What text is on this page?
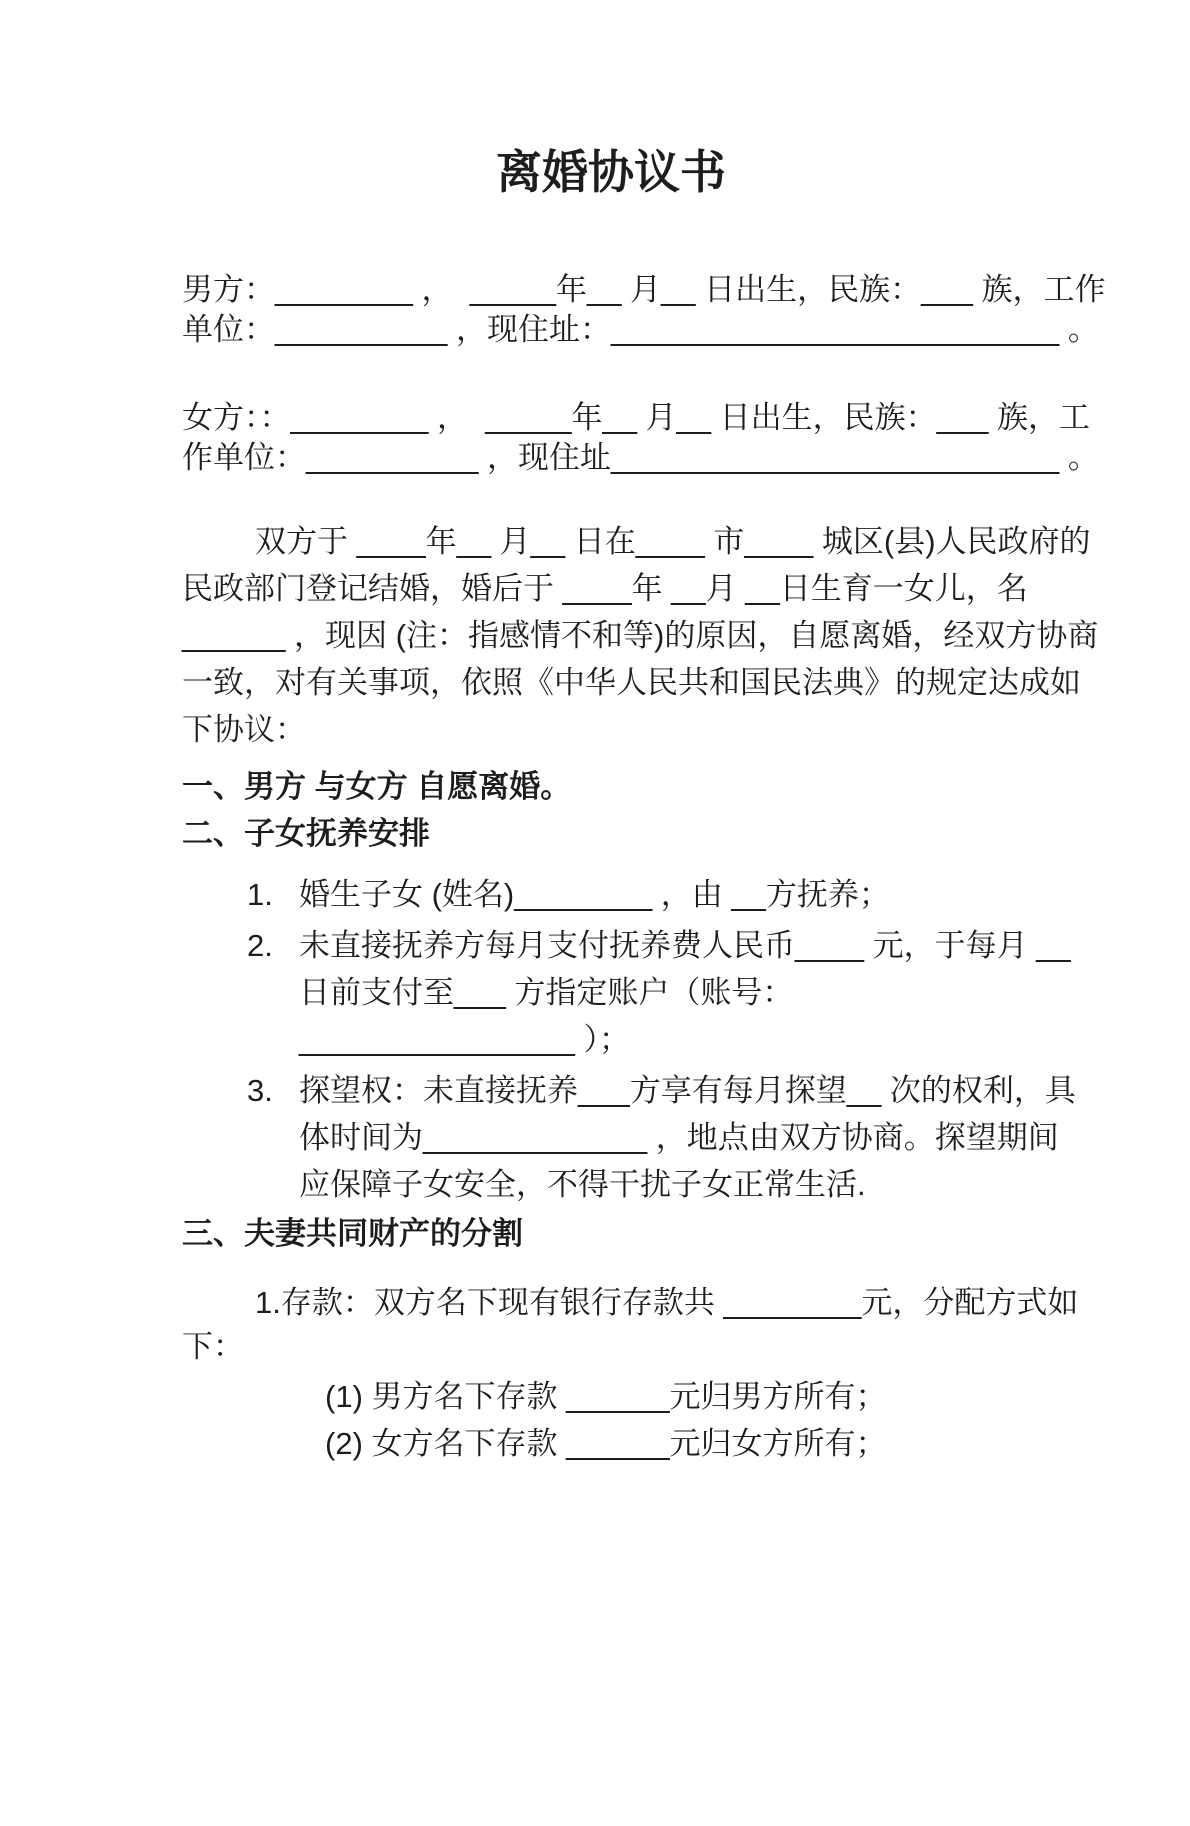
离婚协议书
男方：________ ，  _____年__ 月__ 日出生，民族：___ 族，工作
单位：__________ ，现住址：__________________________ 。
女方：：________ ，  _____年__ 月__ 日出生，民族：___ 族，工
作单位：__________ ，现住址__________________________ 。
双方于 ____年__ 月__ 日在____ 市____ 城区(县)人民政府的
民政部门登记结婚，婚后于 ____年 __月 __日生育一女儿，名
______ ，现因 (注：指感情不和等)的原因，自愿离婚，经双方协商
一致，对有关事项，依照《中华人民共和国民法典》的规定达成如
下协议：
一、男方 与女方 自愿离婚。
二、子女抚养安排
1. 婚生子女 (姓名)________ ，由 __方抚养；
2. 未直接抚养方每月支付抚养费人民币____ 元，于每月 __
日前支付至___ 方指定账户（账号：
________________ ）；
3. 探望权：未直接抚养___方享有每月探望__ 次的权利，具
体时间为_____________ ，地点由双方协商。探望期间
应保障子女安全，不得干扰子女正常生活.
三、夫妻共同财产的分割
1.存款：双方名下现有银行存款共 ________元，分配方式如
下：
(1) 男方名下存款 ______元归男方所有；
(2) 女方名下存款 ______元归女方所有；
